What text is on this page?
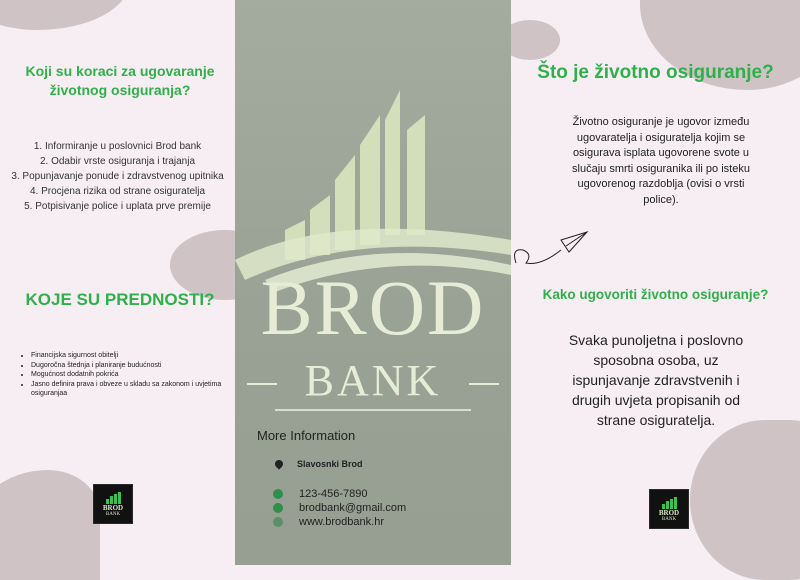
Koji su koraci za ugovaranje životnog osiguranja?
1. Informiranje u poslovnici Brod bank
2. Odabir vrste osiguranja i trajanja
3. Popunjavanje ponude i zdravstvenog upitnika
4. Procjena rizika od strane osiguratelja
5. Potpisivanje police i uplata prve premije
KOJE SU PREDNOSTI?
• Financijska sigurnost obitelji
• Dugoročna štednja i planiranje budućnosti
• Mogućnost dodatnih pokrića
• Jasno definira prava i obveze u skladu sa zakonom i uvjetima osiguranjaa
BROD
BANK
BROD
BANK
More Information
Slavosnki Brod
123-456-7890
brodbank@gmail.com
www.brodbank.hr
Što je životno osiguranje?
Životno osiguranje je ugovor između ugovaratelja i osiguratelja kojim se osigurava isplata ugovorene svote u slučaju smrti osiguranika ili po isteku ugovorenog razdoblja (ovisi o vrsti police).
Kako ugovoriti životno osiguranje?
Svaka punoljetna i poslovno sposobna osoba, uz ispunjavanje zdravstvenih i drugih uvjeta propisanih od strane osiguratelja.
BROD
BANK
